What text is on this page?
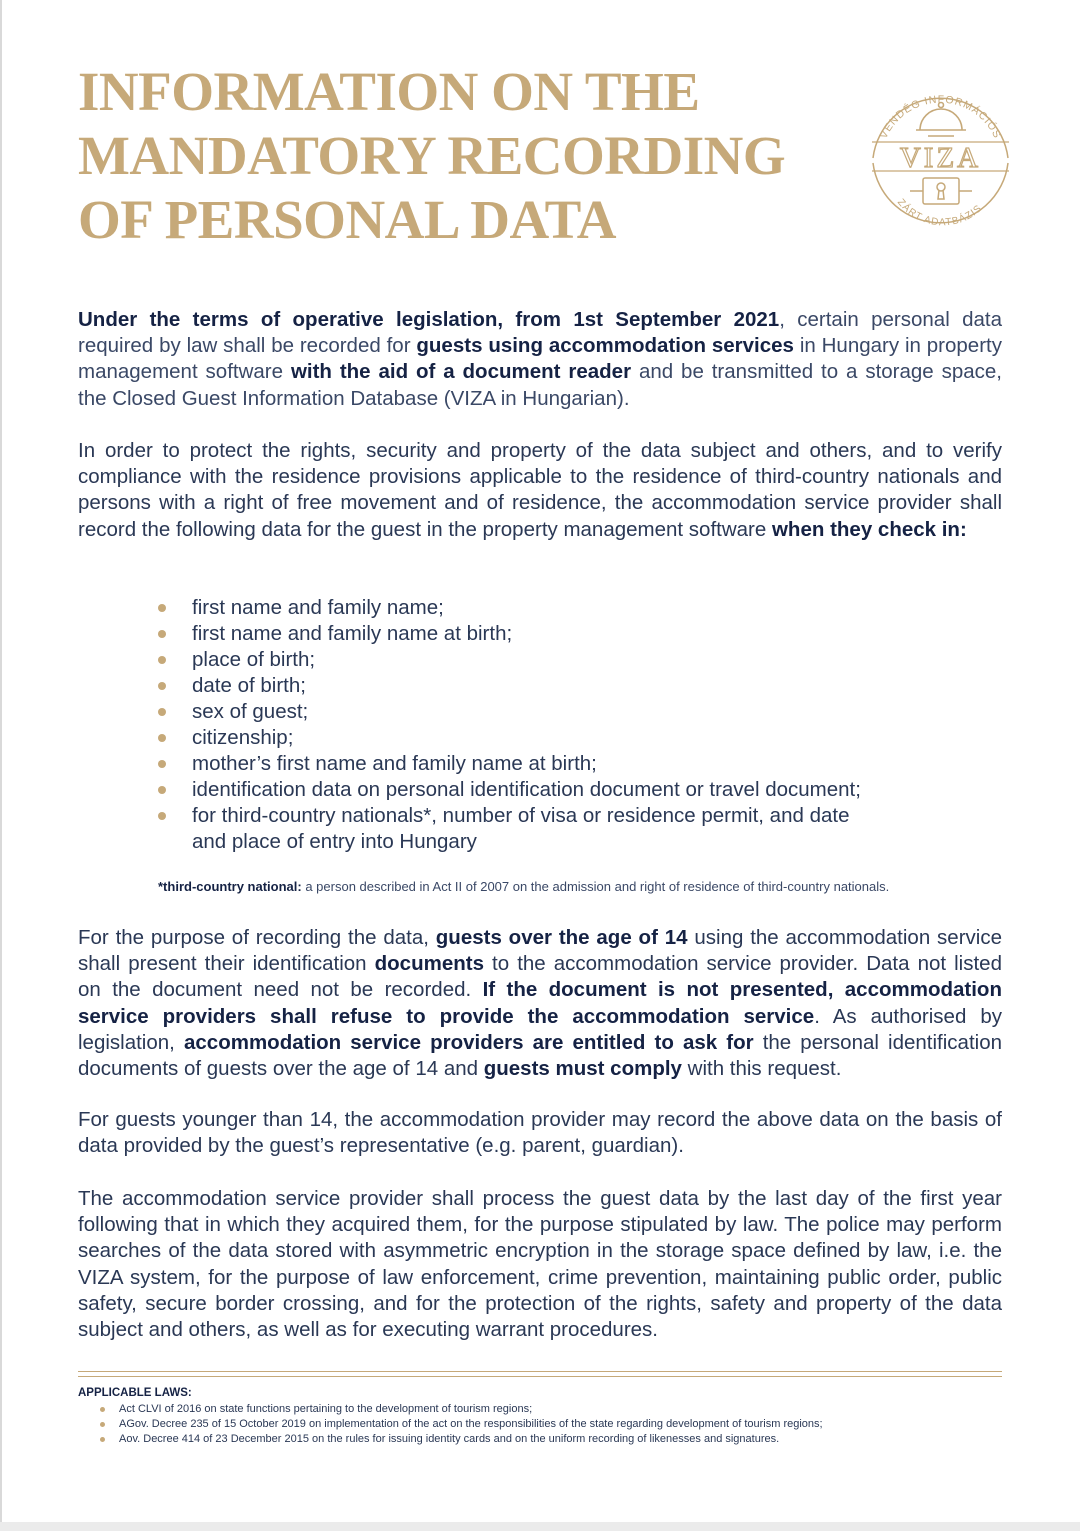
INFORMATION ON THE
MANDATORY RECORDING
OF PERSONAL DATA
VENDÉG INFORMÁCIÓS
ZÁRT ADATBÁZIS
VIZA

Under the terms of operative legislation, from 1st September 2021, certain personal data required by law shall be recorded for guests using accommodation services in Hungary in property management software with the aid of a document reader and be transmitted to a storage space, the Closed Guest Information Database (VIZA in Hungarian).

In order to protect the rights, security and property of the data subject and others, and to verify compliance with the residence provisions applicable to the residence of third-country nationals and persons with a right of free movement and of residence, the accommodation service provider shall record the following data for the guest in the property management software when they check in:

first name and family name;
first name and family name at birth;
place of birth;
date of birth;
sex of guest;
citizenship;
mother’s first name and family name at birth;
identification data on personal identification document or travel document;
for third-country nationals*, number of visa or residence permit, and date and place of entry into Hungary

*third-country national: a person described in Act II of 2007 on the admission and right of residence of third-country nationals.

For the purpose of recording the data, guests over the age of 14 using the accommodation service shall present their identification documents to the accommodation service provider. Data not listed on the document need not be recorded. If the document is not presented, accommodation service providers shall refuse to provide the accommodation service. As authorised by legislation, accommodation service providers are entitled to ask for the personal identification documents of guests over the age of 14 and guests must comply with this request.

For guests younger than 14, the accommodation provider may record the above data on the basis of data provided by the guest’s representative (e.g. parent, guardian).

The accommodation service provider shall process the guest data by the last day of the first year following that in which they acquired them, for the purpose stipulated by law. The police may perform searches of the data stored with asymmetric encryption in the storage space defined by law, i.e. the VIZA system, for the purpose of law enforcement, crime prevention, maintaining public order, public safety, secure border crossing, and for the protection of the rights, safety and property of the data subject and others, as well as for executing warrant procedures.

APPLICABLE LAWS:

Act CLVI of 2016 on state functions pertaining to the development of tourism regions;
AGov. Decree 235 of 15 October 2019 on implementation of the act on the responsibilities of the state regarding development of tourism regions;
Aov. Decree 414 of 23 December 2015 on the rules for issuing identity cards and on the uniform recording of likenesses and signatures.
